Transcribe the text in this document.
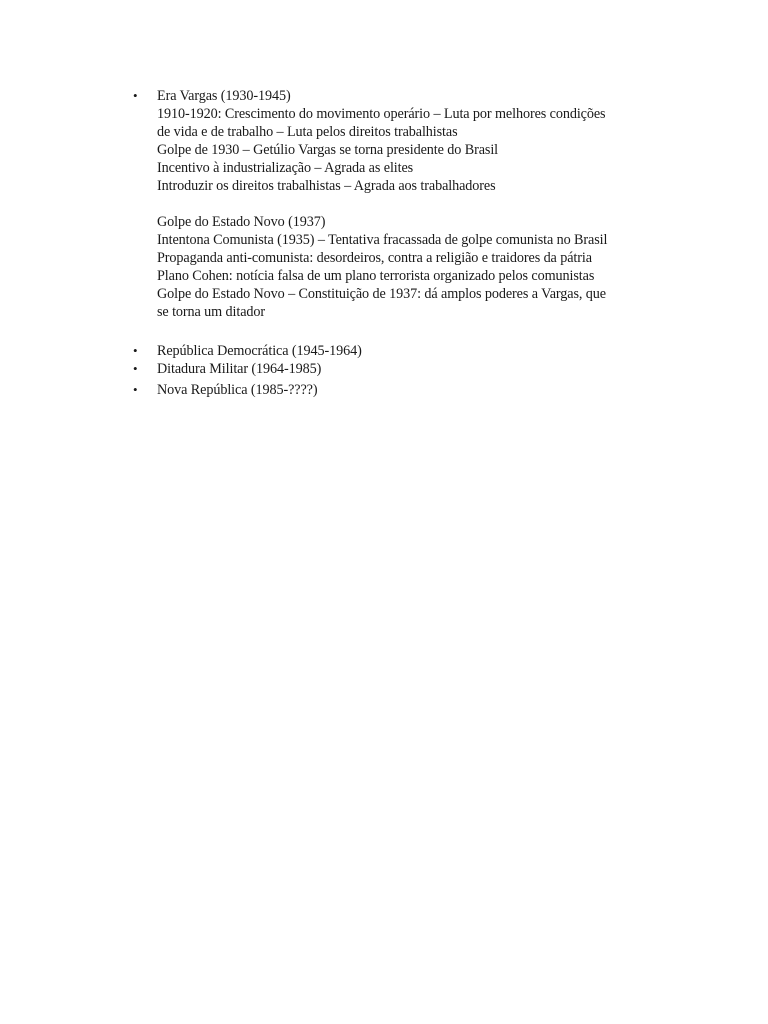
• Era Vargas (1930-1945)
1910-1920: Crescimento do movimento operário – Luta por melhores condições
de vida e de trabalho – Luta pelos direitos trabalhistas
Golpe de 1930 – Getúlio Vargas se torna presidente do Brasil
Incentivo à industrialização – Agrada as elites
Introduzir os direitos trabalhistas – Agrada aos trabalhadores
Golpe do Estado Novo (1937)
Intentona Comunista (1935) – Tentativa fracassada de golpe comunista no Brasil
Propaganda anti-comunista: desordeiros, contra a religião e traidores da pátria
Plano Cohen: notícia falsa de um plano terrorista organizado pelos comunistas
Golpe do Estado Novo – Constituição de 1937: dá amplos poderes a Vargas, que
se torna um ditador
• República Democrática (1945-1964)
• Ditadura Militar (1964-1985)
• Nova República (1985-????)
